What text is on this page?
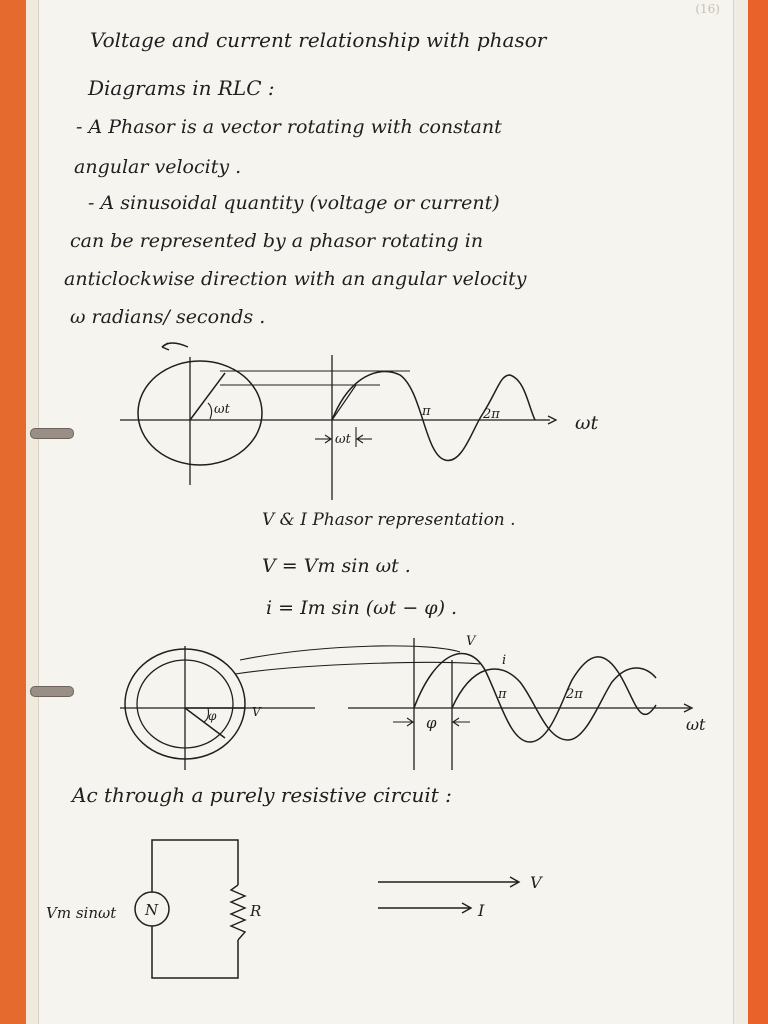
(16)
Voltage and current relationship with phasor
Diagrams in RLC :
- A Phasor is a vector rotating with constant
angular velocity .
- A sinusoidal quantity (voltage or current)
can be represented by a phasor rotating in
anticlockwise direction with an angular velocity
ω radians/ seconds .
ωt
ωt
π	2π	ωt
V & I Phasor representation .
V = Vm sin ωt .
i = Im sin (ωt − φ) .
φ	V
V
i
φ
π	2π
ωt
Ac through a purely resistive circuit :
N
Vm sinωt	R
V
I
